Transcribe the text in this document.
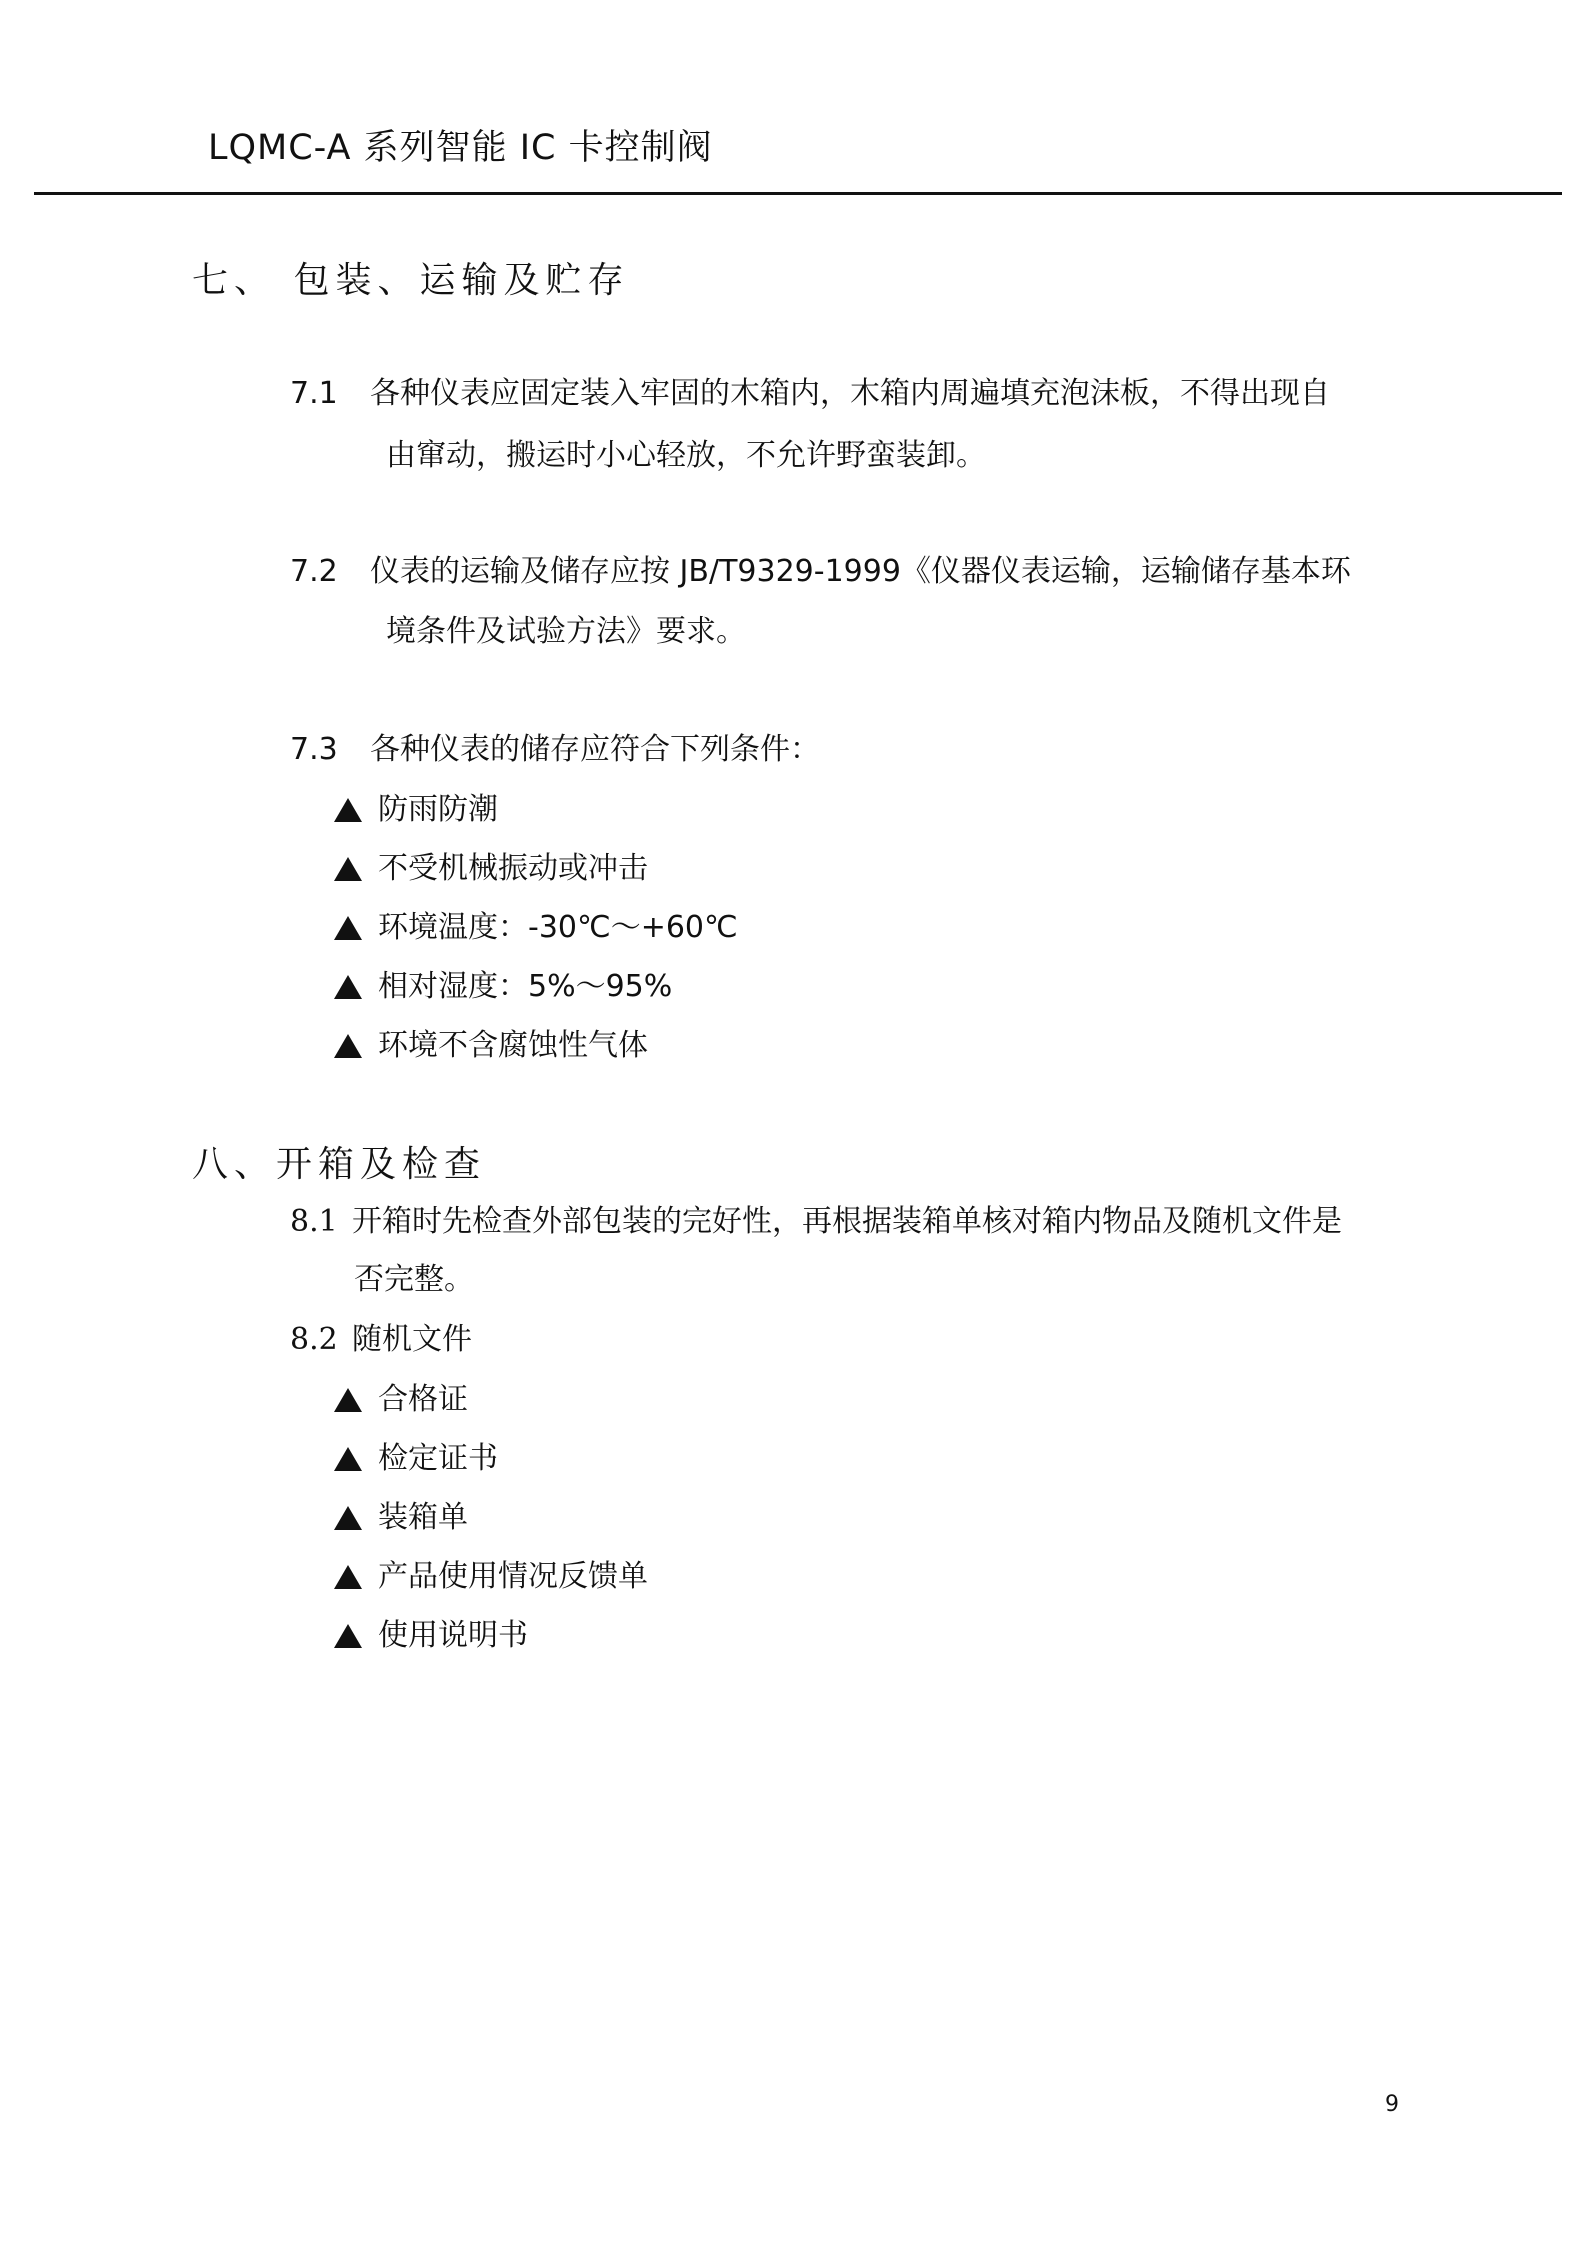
LQMC-A 系列智能 IC 卡控制阀
七、 包装、运输及贮存
7.1 各种仪表应固定装入牢固的木箱内，木箱内周遍填充泡沫板，不得出现自
由窜动，搬运时小心轻放，不允许野蛮装卸。
7.2 仪表的运输及储存应按 JB/T9329-1999《仪器仪表运输，运输储存基本环
境条件及试验方法》要求。
7.3 各种仪表的储存应符合下列条件：
防雨防潮
不受机械振动或冲击
环境温度： -30℃～+60℃
相对湿度： 5%～95%
环境不含腐蚀性气体
八、开箱及检查
8.1 开箱时先检查外部包装的完好性，再根据装箱单核对箱内物品及随机文件是
否完整。
8.2 随机文件
合格证
检定证书
装箱单
产品使用情况反馈单
使用说明书
9
